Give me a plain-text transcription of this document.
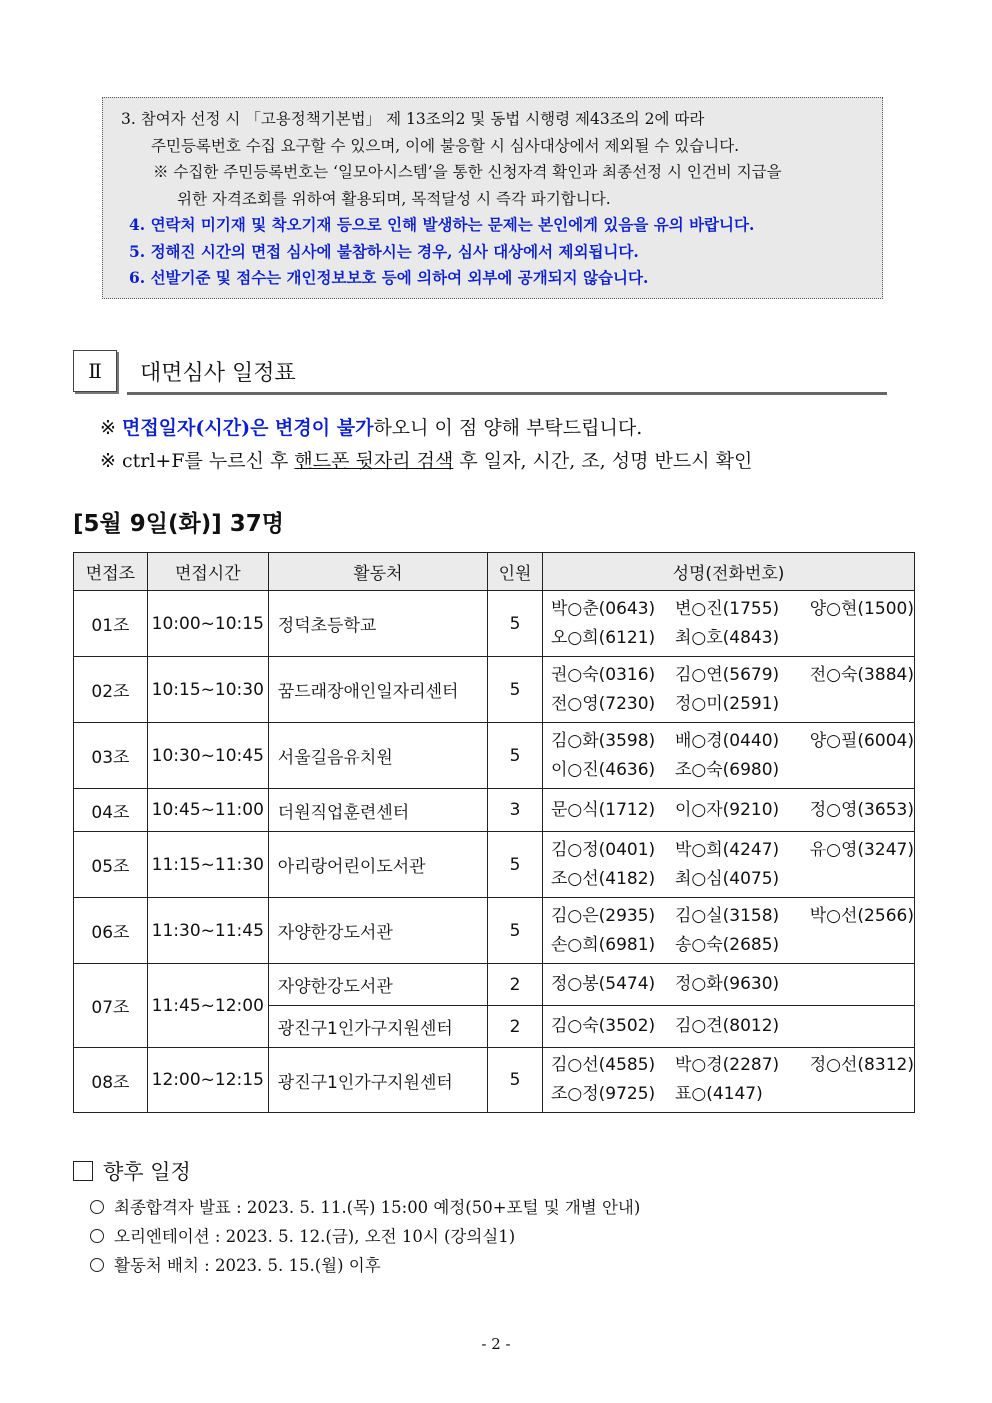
3. 참여자 선정 시 「고용정책기본법」 제 13조의2 및 동법 시행령 제43조의 2에 따라
주민등록번호 수집 요구할 수 있으며, 이에 불응할 시 심사대상에서 제외될 수 있습니다.
※ 수집한 주민등록번호는 ‘일모아시스템’을 통한 신청자격 확인과 최종선정 시 인건비 지급을
위한 자격조회를 위하여 활용되며, 목적달성 시 즉각 파기합니다.
4. 연락처 미기재 및 착오기재 등으로 인해 발생하는 문제는 본인에게 있음을 유의 바랍니다.
5. 정해진 시간의 면접 심사에 불참하시는 경우, 심사 대상에서 제외됩니다.
6. 선발기준 및 점수는 개인정보보호 등에 의하여 외부에 공개되지 않습니다.
Ⅱ	대면심사 일정표
※ 면접일자(시간)은 변경이 불가하오니 이 점 양해 부탁드립니다.
※ ctrl+F를 누르신 후 핸드폰 뒷자리 검색 후 일자, 시간, 조, 성명 반드시 확인
[5월 9일(화)] 37명
면접조	면접시간	활동처	인원	성명(전화번호)
01조	10:00~10:15	정덕초등학교	5	박○춘(0643) 변○진(1755) 양○현(1500)
오○희(6121) 최○호(4843)

02조	10:15~10:30	꿈드래장애인일자리센터	5	권○숙(0316) 김○연(5679) 전○숙(3884)
전○영(7230) 정○미(2591)

03조	10:30~10:45	서울길음유치원	5	김○화(3598) 배○경(0440) 양○필(6004)
이○진(4636) 조○숙(6980)

04조	10:45~11:00	더원직업훈련센터	3	문○식(1712) 이○자(9210) 정○영(3653)

05조	11:15~11:30	아리랑어린이도서관	5	김○정(0401) 박○희(4247) 유○영(3247)
조○선(4182) 최○심(4075)

06조	11:30~11:45	자양한강도서관	5	김○은(2935) 김○실(3158) 박○선(2566)
손○희(6981) 송○숙(2685)

07조	11:45~12:00	자양한강도서관	2	정○봉(5474) 정○화(9630)

		광진구1인가구지원센터	2	김○숙(3502) 김○견(8012)

08조	12:00~12:15	광진구1인가구지원센터	5	김○선(4585) 박○경(2287) 정○선(8312)
조○정(9725) 표○(4147)
향후 일정
최종합격자 발표 : 2023. 5. 11.(목) 15:00 예정(50+포털 및 개별 안내)
오리엔테이션 : 2023. 5. 12.(금), 오전 10시 (강의실1)
활동처 배치 : 2023. 5. 15.(월) 이후
- 2 -
